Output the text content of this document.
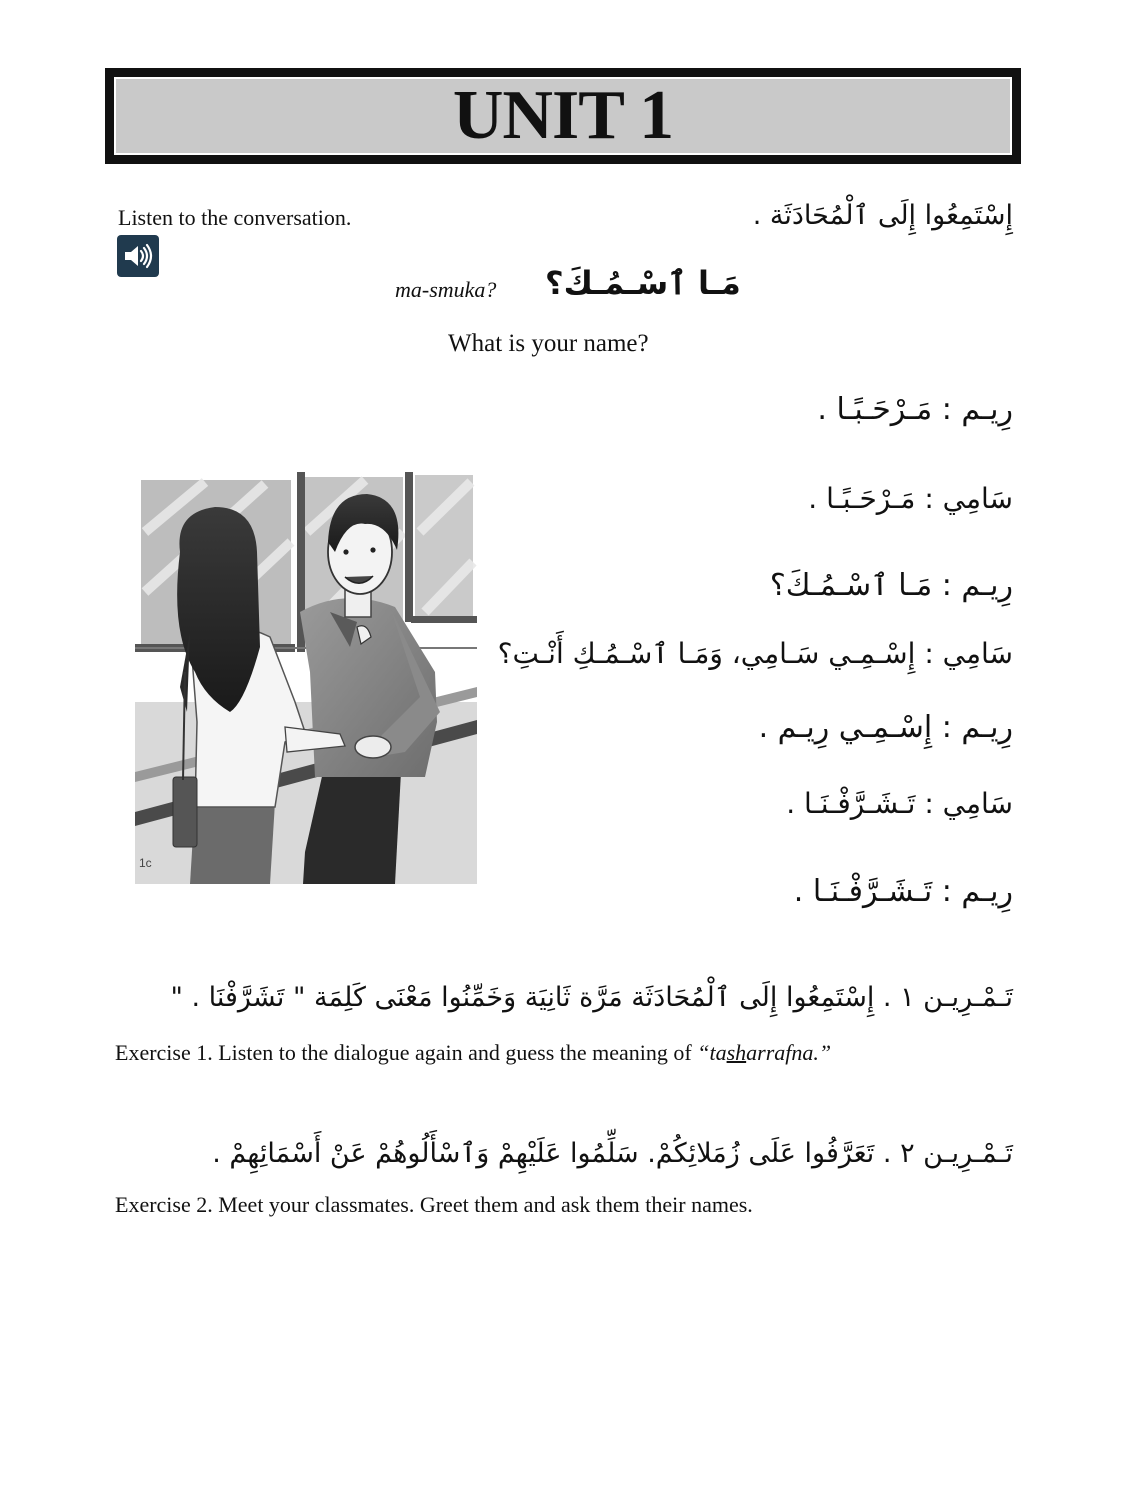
UNIT 1
Listen to the conversation.	إِسْتَمِعُوا إِلَى ٱلْمُحَادَثَة .
ma-smuka? مَـا ٱسْـمُـكَ؟
What is your name?
رِيـم : مَـرْحَـبًـا .
سَامِي : مَـرْحَـبًـا .
رِيـم : مَـا ٱسْـمُـكَ؟
سَامِي : إِسْـمِـي سَـامِي، وَمَـا ٱسْـمُـكِ أَنْـتِ؟
رِيـم : إِسْـمِـي رِيـم .
سَامِي : تَـشَـرَّفْـنَـا .
رِيـم : تَـشَـرَّفْـنَـا .
1c
تَـمْـرِيـن ١ . إِسْتَمِعُوا إِلَى ٱلْمُحَادَثَة مَرَّة ثَانِيَة وَخَمِّنُوا مَعْنَى كَلِمَة " تَشَرَّفْنَا . "
Exercise 1. Listen to the dialogue again and guess the meaning of “tasharrafna.”
تَـمْـرِيـن ٢ . تَعَرَّفُوا عَلَى زُمَلائِكُمْ. سَلِّمُوا عَلَيْهِمْ وَٱسْأَلُوهُمْ عَنْ أَسْمَائِهِمْ .
Exercise 2. Meet your classmates. Greet them and ask them their names.
